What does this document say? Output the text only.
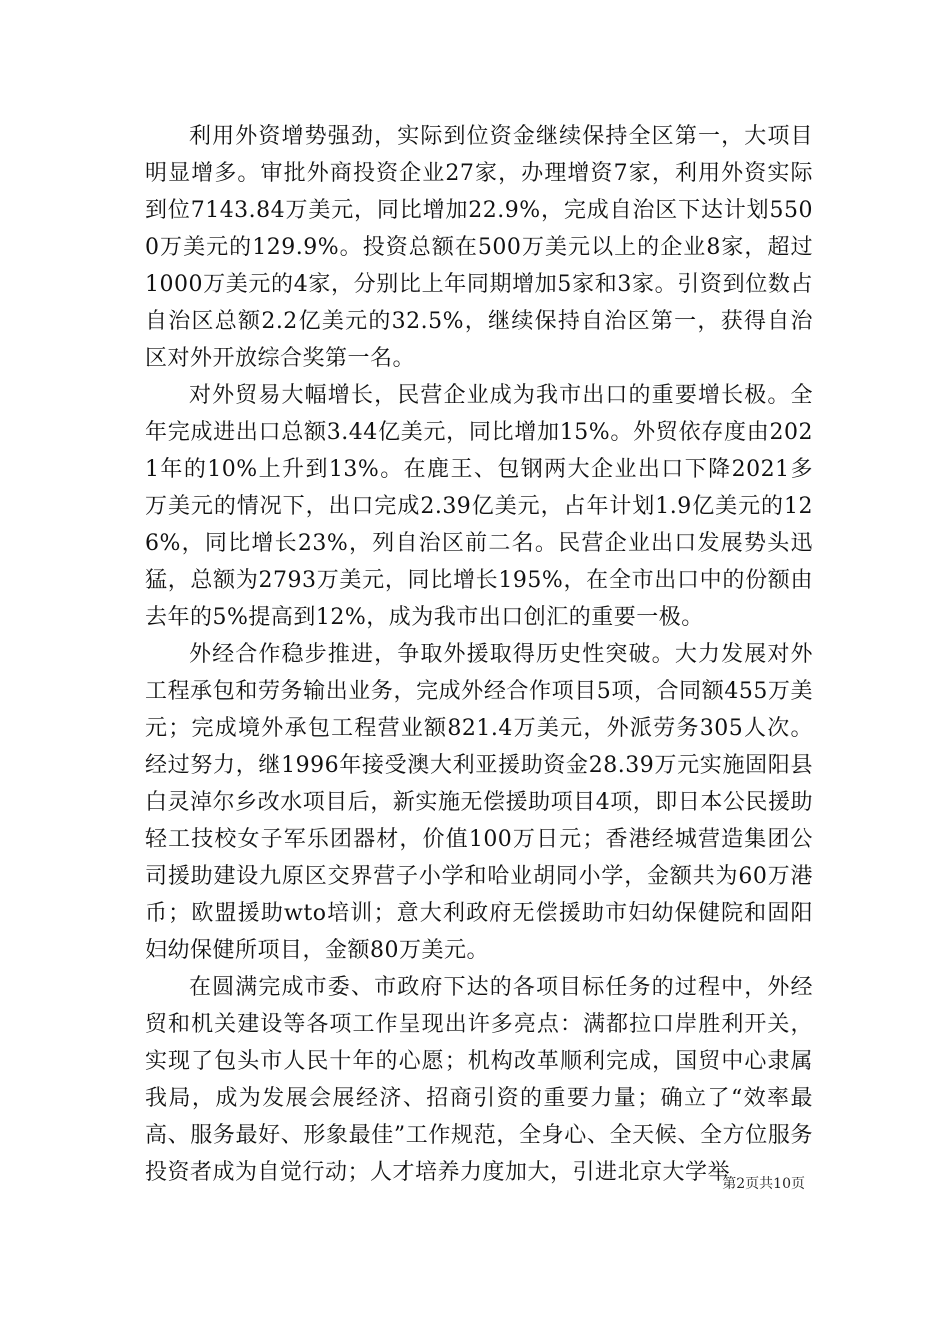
利用外资增势强劲，实际到位资金继续保持全区第一，大项目明显增多。审批外商投资企业27家，办理增资7家，利用外资实际到位7143.84万美元，同比增加22.9%，完成自治区下达计划5500万美元的129.9%。投资总额在500万美元以上的企业8家，超过1000万美元的4家，分别比上年同期增加5家和3家。引资到位数占自治区总额2.2亿美元的32.5%，继续保持自治区第一，获得自治区对外开放综合奖第一名。

对外贸易大幅增长，民营企业成为我市出口的重要增长极。全年完成进出口总额3.44亿美元，同比增加15%。外贸依存度由2021年的10%上升到13%。在鹿王、包钢两大企业出口下降2021多万美元的情况下，出口完成2.39亿美元，占年计划1.9亿美元的126%，同比增长23%，列自治区前二名。民营企业出口发展势头迅猛，总额为2793万美元，同比增长195%，在全市出口中的份额由去年的5%提高到12%，成为我市出口创汇的重要一极。

外经合作稳步推进，争取外援取得历史性突破。大力发展对外工程承包和劳务输出业务，完成外经合作项目5项，合同额455万美元；完成境外承包工程营业额821.4万美元，外派劳务305人次。经过努力，继1996年接受澳大利亚援助资金28.39万元实施固阳县白灵淖尔乡改水项目后，新实施无偿援助项目4项，即日本公民援助轻工技校女子军乐团器材，价值100万日元；香港经城营造集团公司援助建设九原区交界营子小学和哈业胡同小学，金额共为60万港币；欧盟援助wto培训；意大利政府无偿援助市妇幼保健院和固阳妇幼保健所项目，金额80万美元。

在圆满完成市委、市政府下达的各项目标任务的过程中，外经贸和机关建设等各项工作呈现出许多亮点：满都拉口岸胜利开关，实现了包头市人民十年的心愿；机构改革顺利完成，国贸中心隶属我局，成为发展会展经济、招商引资的重要力量；确立了“效率最高、服务最好、形象最佳”工作规范，全身心、全天候、全方位服务投资者成为自觉行动；人才培养力度加大，引进北京大学举

第2页共10页
